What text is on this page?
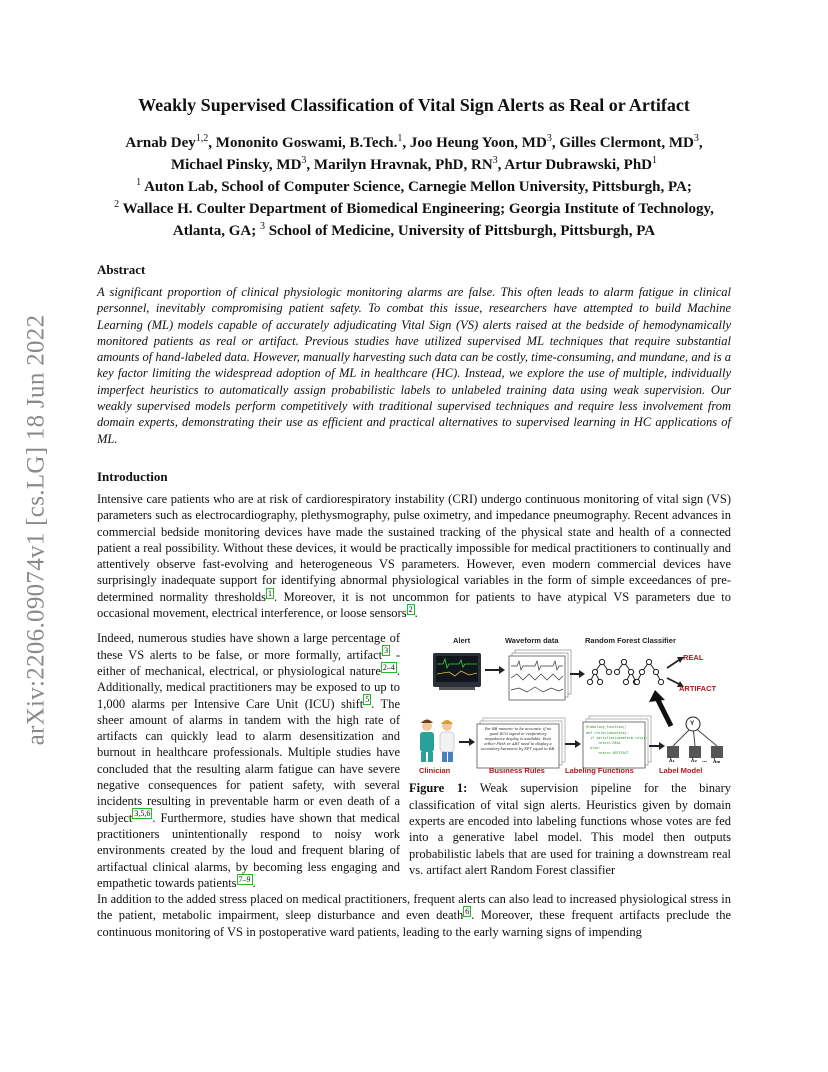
arXiv:2206.09074v1 [cs.LG] 18 Jun 2022
Weakly Supervised Classification of Vital Sign Alerts as Real or Artifact
Arnab Dey$^{1,2}$, Mononito Goswami, B.Tech.$^1$, Joo Heung Yoon, $MD^3$, Gilles Clermont, $MD^3$,
Michael Pinsky, $MD^3$, Marilyn Hravnak, PhD, $RN^3$, Artur Dubrawski, PhD$^1$
$^1$ Auton Lab, School of Computer Science, Carnegie Mellon University, Pittsburgh, PA;
$^2$ Wallace H. Coulter Department of Biomedical Engineering; Georgia Institute of Technology, Atlanta, GA; $^3$ School of Medicine, University of Pittsburgh, Pittsburgh, PA
Abstract

A significant proportion of clinical physiologic monitoring alarms are false. This often leads to alarm fatigue in clinical personnel, inevitably compromising patient safety. To combat this issue, researchers have attempted to build Machine Learning (ML) models capable of accurately adjudicating Vital Sign (VS) alerts raised at the bedside of hemodynamically monitored patients as real or artifact. Previous studies have utilized supervised ML techniques that require substantial amounts of hand-labeled data. However, manually harvesting such data can be costly, time-consuming, and mundane, and is a key factor limiting the widespread adoption of ML in healthcare (HC). Instead, we explore the use of multiple, individually imperfect heuristics to automatically assign probabilistic labels to unlabeled training data using weak supervision. Our weakly supervised models perform competitively with traditional supervised techniques and require less involvement from domain experts, demonstrating their use as efficient and practical alternatives to supervised learning in HC applications of ML.

Introduction

Intensive care patients who are at risk of cardiorespiratory instability (CRI) undergo continuous monitoring of vital sign (VS) parameters such as electrocardiography, plethysmography, pulse oximetry, and impedance pneumography. Recent advances in commercial bedside monitoring devices have made the sustained tracking of the physical state and health of a connected patient a real possibility. Without these devices, it would be practically impossible for medical practitioners to continually and attentively observe fast-evolving and heterogeneous VS parameters. However, even modern commercial devices have surprisingly inadequate support for identifying abnormal physiological variables in the form of simple exceedances of pre-determined normality thresholds $^1$ . Moreover, it is not uncommon for patients to have atypical VS parameters due to occasional movement, electrical interference, or loose sensors $^2$ .

Indeed, numerous studies have shown a large percentage of these VS alerts to be false, or more formally, artifact $^3$ - either of mechanical, electrical, or physiological nature $^{2-4}$ . Additionally, medical practitioners may be exposed to up to 1,000 alarms per Intensive Care Unit (ICU) shift $^5$ . The sheer amount of alarms in tandem with the high rate of artifacts can quickly lead to alarm desensitization and burnout in healthcare professionals. Multiple studies have concluded that the resulting alarm fatigue can have severe negative consequences for patient safety, with several incidents resulting in preventable harm or even death of a subject $^{3,5,6}$ . Furthermore, studies have shown that medical practitioners unintentionally respond to noisy work environments created by the loud and frequent blaring of artifactual clinical alarms, by becoming less engaging and empathetic towards patients $^{7-9}$ .

Alert	Waveform data	Random Forest Classifier
REAL
ARTIFACT
Clinician	Business Rules	Labeling Functions	Label Model
Y
λ₁	λ₂ ... λₘ
For BB numeric to be accurate, if no good ECG signal or respiratory impedance display is available, then either Pleth or ART need to display a secondary harmonic by FFT equal to BB.
@labeling_function()
def <rule>(waveform):
if satisfies(waveform.rule):
return REAL
else:
return ARTIFACT
Figure 1: Weak supervision pipeline for the binary classification of vital sign alerts. Heuristics given by domain experts are encoded into labeling functions whose votes are fed into a generative label model. This model then outputs probabilistic labels that are used for training a downstream real vs. artifact alert Random Forest classifier

In addition to the added stress placed on medical practitioners, frequent alerts can also lead to increased physiological stress in the patient, metabolic impairment, sleep disturbance and even death $^6$ . Moreover, these frequent artifacts preclude the continuous monitoring of VS in postoperative ward patients, leading to the early warning signs of impending
